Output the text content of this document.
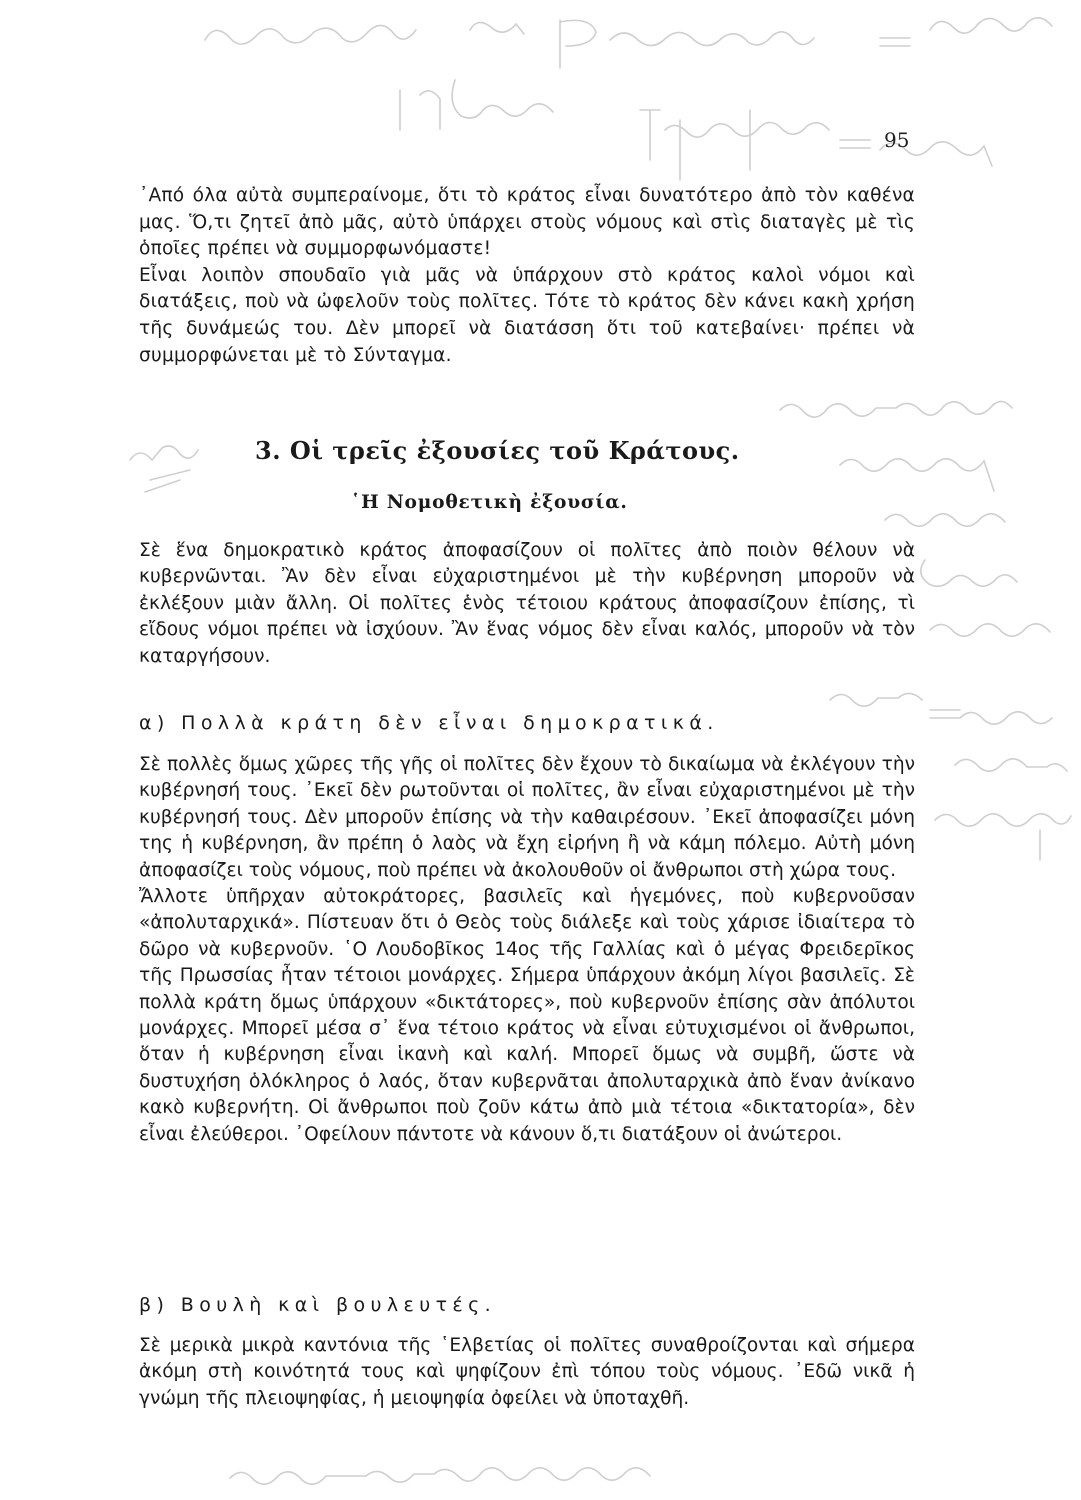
95

᾽Από όλα αὐτὰ συμπεραίνομε, ὅτι τὸ κράτος εἶναι δυνατότερο ἀπὸ τὸν καθένα μας. Ὅ,τι ζητεῖ ἀπὸ μᾶς, αὐτὸ ὑπάρχει στοὺς νόμους καὶ στὶς διαταγὲς μὲ τὶς ὁποῖες πρέπει νὰ συμμορφωνόμαστε!

Εἶναι λοιπὸν σπουδαῖο γιὰ μᾶς νὰ ὑπάρχουν στὸ κράτος καλοὶ νόμοι καὶ διατάξεις, ποὺ νὰ ὠφελοῦν τοὺς πολῖτες. Τότε τὸ κράτος δὲν κάνει κακὴ χρήση τῆς δυνάμεώς του. Δὲν μπορεῖ νὰ διατάσση ὅτι τοῦ κατεβαίνει· πρέπει νὰ συμμορφώνεται μὲ τὸ Σύνταγμα.

3. Οἱ τρεῖς ἐξουσίες τοῦ Κράτους.
῾Η Νομοθετικὴ ἐξουσία.

Σὲ ἕνα δημοκρατικὸ κράτος ἀποφασίζουν οἱ πολῖτες ἀπὸ ποιὸν θέλουν νὰ κυβερνῶνται. Ἂν δὲν εἶναι εὐχαριστημένοι μὲ τὴν κυβέρνηση μποροῦν νὰ ἐκλέξουν μιὰν ἄλλη. Οἱ πολῖτες ἑνὸς τέτοιου κράτους ἀποφασίζουν ἐπίσης, τὶ εἴδους νόμοι πρέπει νὰ ἰσχύουν. Ἂν ἕνας νόμος δὲν εἶναι καλός, μποροῦν νὰ τὸν καταργήσουν.

α) Πολλὰ κράτη δὲν εἶναι δημοκρατικά.

Σὲ πολλὲς ὅμως χῶρες τῆς γῆς οἱ πολῖτες δὲν ἔχουν τὸ δικαίωμα νὰ ἐκλέγουν τὴν κυβέρνησή τους. ᾽Εκεῖ δὲν ρωτοῦνται οἱ πολῖτες, ἂν εἶναι εὐχαριστημένοι μὲ τὴν κυβέρνησή τους. Δὲν μποροῦν ἐπίσης νὰ τὴν καθαιρέσουν. ᾽Εκεῖ ἀποφασίζει μόνη της ἡ κυβέρνηση, ἂν πρέπη ὁ λαὸς νὰ ἔχη εἰρήνη ἢ νὰ κάμη πόλεμο. Αὐτὴ μόνη ἀποφασίζει τοὺς νόμους, ποὺ πρέπει νὰ ἀκολουθοῦν οἱ ἄνθρωποι στὴ χώρα τους.

Ἄλλοτε ὑπῆρχαν αὐτοκράτορες, βασιλεῖς καὶ ἡγεμόνες, ποὺ κυβερνοῦσαν «ἀπολυταρχικά». Πίστευαν ὅτι ὁ Θεὸς τοὺς διάλεξε καὶ τοὺς χάρισε ἰδιαίτερα τὸ δῶρο νὰ κυβερνοῦν. ῾Ο Λουδοβῖκος 14ος τῆς Γαλλίας καὶ ὁ μέγας Φρειδερῖκος τῆς Πρωσσίας ἦταν τέτοιοι μονάρχες. Σήμερα ὑπάρχουν ἀκόμη λίγοι βασιλεῖς. Σὲ πολλὰ κράτη ὅμως ὑπάρχουν «δικτάτορες», ποὺ κυβερνοῦν ἐπίσης σὰν ἀπόλυτοι μονάρχες. Μπορεῖ μέσα σ᾽ ἕνα τέτοιο κράτος νὰ εἶναι εὐτυχισμένοι οἱ ἄνθρωποι, ὅταν ἡ κυβέρνηση εἶναι ἱκανὴ καὶ καλή. Μπορεῖ ὅμως νὰ συμβῆ, ὥστε νὰ δυστυχήση ὁλόκληρος ὁ λαός, ὅταν κυβερνᾶται ἀπολυταρχικὰ ἀπὸ ἕναν ἀνίκανο κακὸ κυβερνήτη. Οἱ ἄνθρωποι ποὺ ζοῦν κάτω ἀπὸ μιὰ τέτοια «δικτατορία», δὲν εἶναι ἐλεύθεροι. ᾽Οφείλουν πάντοτε νὰ κάνουν ὅ,τι διατάξουν οἱ ἀνώτεροι.

β) Βουλὴ καὶ βουλευτές.

Σὲ μερικὰ μικρὰ καντόνια τῆς ῾Ελβετίας οἱ πολῖτες συναθροίζονται καὶ σήμερα ἀκόμη στὴ κοινότητά τους καὶ ψηφίζουν ἐπὶ τόπου τοὺς νόμους. ᾽Εδῶ νικᾶ ἡ γνώμη τῆς πλειοψηφίας, ἡ μειοψηφία ὀφείλει νὰ ὑποταχθῆ.
